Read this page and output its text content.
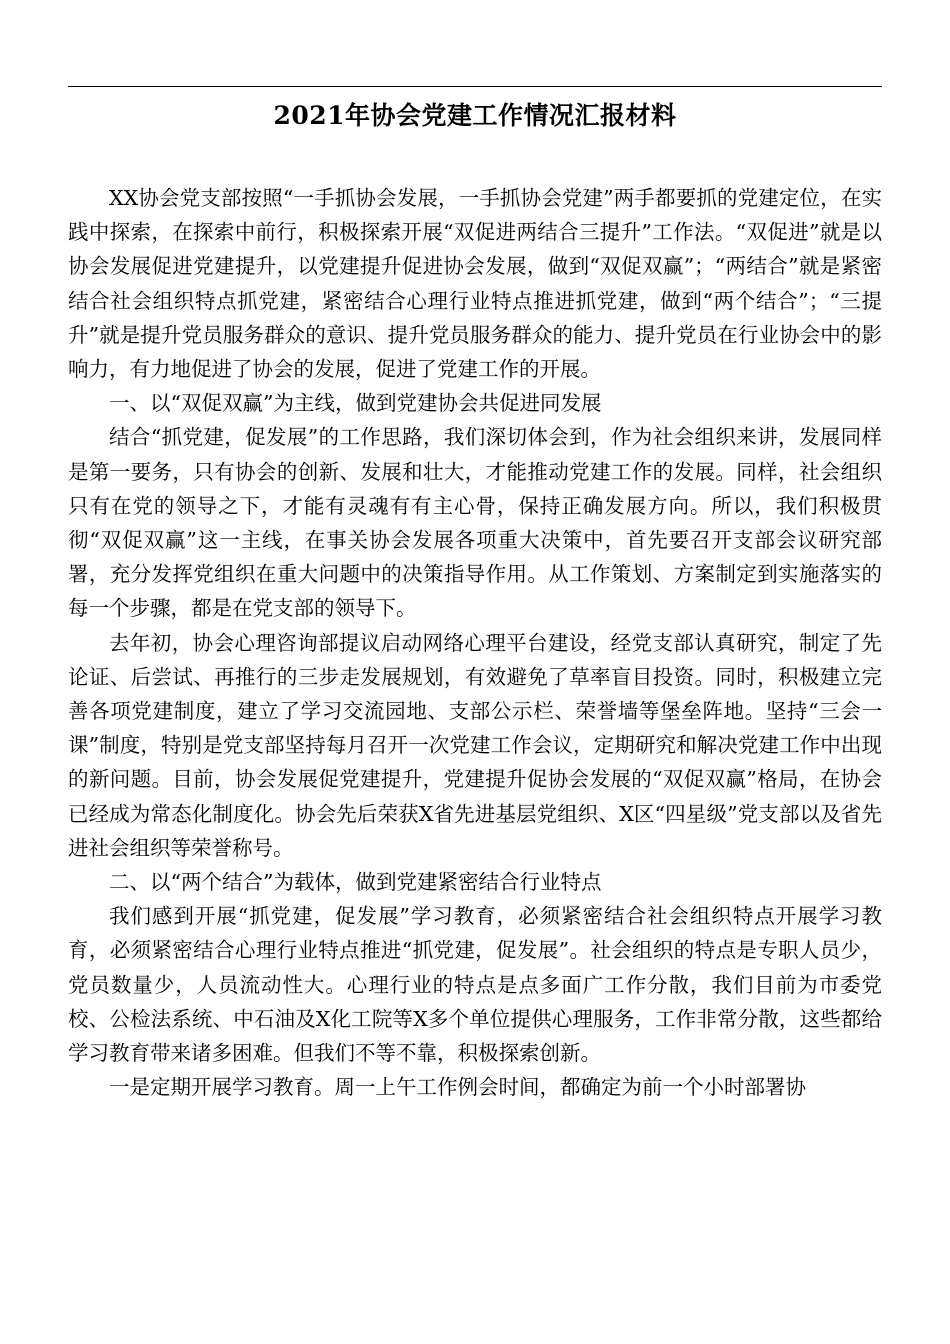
2021年协会党建工作情况汇报材料

XX协会党支部按照“一手抓协会发展，一手抓协会党建”两手都要抓的党建定位，在实践中探索，在探索中前行，积极探索开展“双促进两结合三提升”工作法。“双促进”就是以协会发展促进党建提升，以党建提升促进协会发展，做到“双促双赢”；“两结合”就是紧密结合社会组织特点抓党建，紧密结合心理行业特点推进抓党建，做到“两个结合”；“三提升”就是提升党员服务群众的意识、提升党员服务群众的能力、提升党员在行业协会中的影响力，有力地促进了协会的发展，促进了党建工作的开展。

一、以“双促双赢”为主线，做到党建协会共促进同发展

结合“抓党建，促发展”的工作思路，我们深切体会到，作为社会组织来讲，发展同样是第一要务，只有协会的创新、发展和壮大，才能推动党建工作的发展。同样，社会组织只有在党的领导之下，才能有灵魂有有主心骨，保持正确发展方向。所以，我们积极贯彻“双促双赢”这一主线，在事关协会发展各项重大决策中，首先要召开支部会议研究部署，充分发挥党组织在重大问题中的决策指导作用。从工作策划、方案制定到实施落实的每一个步骤，都是在党支部的领导下。

去年初，协会心理咨询部提议启动网络心理平台建设，经党支部认真研究，制定了先论证、后尝试、再推行的三步走发展规划，有效避免了草率盲目投资。同时，积极建立完善各项党建制度，建立了学习交流园地、支部公示栏、荣誉墙等堡垒阵地。坚持“三会一课”制度，特别是党支部坚持每月召开一次党建工作会议，定期研究和解决党建工作中出现的新问题。目前，协会发展促党建提升，党建提升促协会发展的“双促双赢”格局，在协会已经成为常态化制度化。协会先后荣获X省先进基层党组织、X区“四星级”党支部以及省先进社会组织等荣誉称号。

二、以“两个结合”为载体，做到党建紧密结合行业特点

我们感到开展“抓党建，促发展”学习教育，必须紧密结合社会组织特点开展学习教育，必须紧密结合心理行业特点推进“抓党建，促发展”。社会组织的特点是专职人员少，党员数量少，人员流动性大。心理行业的特点是点多面广工作分散，我们目前为市委党校、公检法系统、中石油及X化工院等X多个单位提供心理服务，工作非常分散，这些都给学习教育带来诸多困难。但我们不等不靠，积极探索创新。

一是定期开展学习教育。周一上午工作例会时间，都确定为前一个小时部署协
